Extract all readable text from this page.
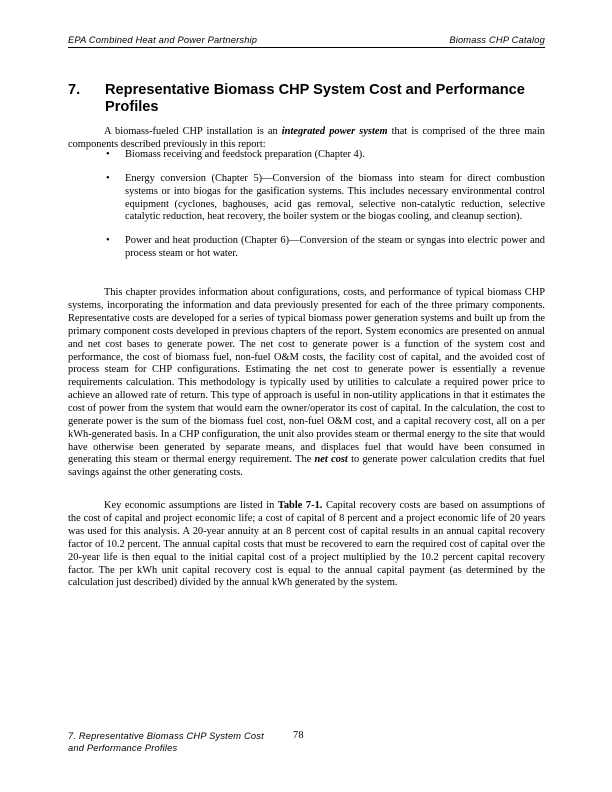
EPA Combined Heat and Power Partnership	Biomass CHP Catalog
7.	Representative Biomass CHP System Cost and Performance Profiles

A biomass-fueled CHP installation is an integrated power system that is comprised of the three main components described previously in this report:

• Biomass receiving and feedstock preparation (Chapter 4).
• Energy conversion (Chapter 5)—Conversion of the biomass into steam for direct combustion systems or into biogas for the gasification systems. This includes necessary environmental control equipment (cyclones, baghouses, acid gas removal, selective non-catalytic reduction, selective catalytic reduction, heat recovery, the boiler system or the biogas cooling, and cleanup section).
• Power and heat production (Chapter 6)—Conversion of the steam or syngas into electric power and process steam or hot water.

This chapter provides information about configurations, costs, and performance of typical biomass CHP systems, incorporating the information and data previously presented for each of the three primary components. Representative costs are developed for a series of typical biomass power generation systems and built up from the primary component costs developed in previous chapters of the report. System economics are presented on annual and net cost bases to generate power. The net cost to generate power is a function of the system cost and performance, the cost of biomass fuel, non-fuel O&M costs, the facility cost of capital, and the avoided cost of process steam for CHP configurations. Estimating the net cost to generate power is essentially a revenue requirements calculation. This methodology is typically used by utilities to calculate a required power price to achieve an allowed rate of return. This type of approach is useful in non-utility applications in that it estimates the cost of power from the system that would earn the owner/operator its cost of capital. In the calculation, the cost to generate power is the sum of the biomass fuel cost, non-fuel O&M cost, and a capital recovery cost, all on a per kWh-generated basis. In a CHP configuration, the unit also provides steam or thermal energy to the site that would have otherwise been generated by separate means, and displaces fuel that would have been consumed in generating this steam or thermal energy requirement. The net cost to generate power calculation credits that fuel savings against the other generating costs.

Key economic assumptions are listed in Table 7-1. Capital recovery costs are based on assumptions of the cost of capital and project economic life; a cost of capital of 8 percent and a project economic life of 20 years was used for this analysis. A 20-year annuity at an 8 percent cost of capital results in an annual capital recovery factor of 10.2 percent. The annual capital costs that must be recovered to earn the required cost of capital over the 20-year life is then equal to the initial capital cost of a project multiplied by the 10.2 percent capital recovery factor. The per kWh unit capital recovery cost is equal to the annual capital payment (as determined by the calculation just described) divided by the annual kWh generated by the system.

7. Representative Biomass CHP System Cost
and Performance Profiles
78
